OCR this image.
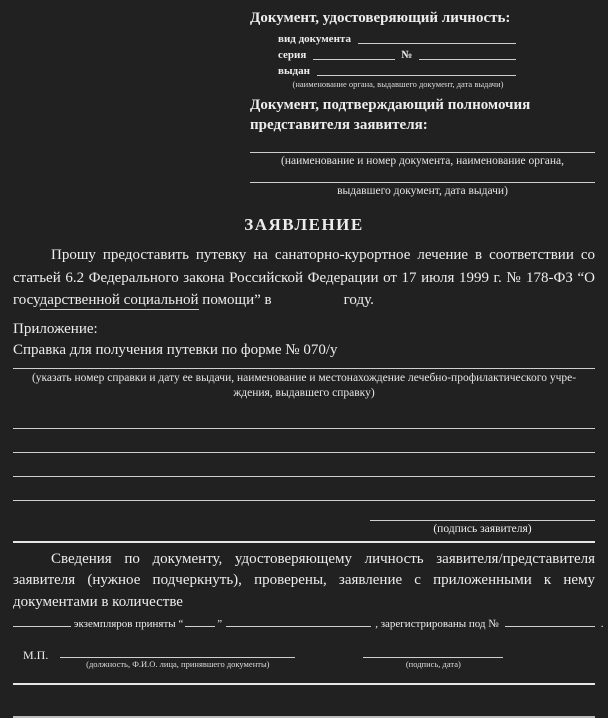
Документ, удостоверяющий личность:
вид документа
серия	№
выдан
(наименование органа, выдавшего документ, дата выдачи)
Документ, подтверждающий полномочия представителя заявителя:
(наименование и номер документа, наименование органа,
выдавшего документ, дата выдачи)
ЗАЯВЛЕНИЕ

Прошу предоставить путевку на санаторно-курортное лечение в соответствии со статьей 6.2 Федерального закона Российской Федерации от 17 июля 1999 г. № 178-ФЗ “О государственной социальной помощи” в	году.

Приложение:
Справка для получения путевки по форме № 070/у
(указать номер справки и дату ее выдачи, наименование и местонахождение лечебно-профилактического учре-
ждения, выдавшего справку)
(подпись заявителя)

Сведения по документу, удостоверяющему личность заявителя/представителя заявителя (нужное подчеркнуть), проверены, заявление с приложенными к нему документами в количестве

экземпляров приняты “	”	, зарегистрированы под №	.
М.П.
(должность, Ф.И.О. лица, принявшего документы)	(подпись, дата)
